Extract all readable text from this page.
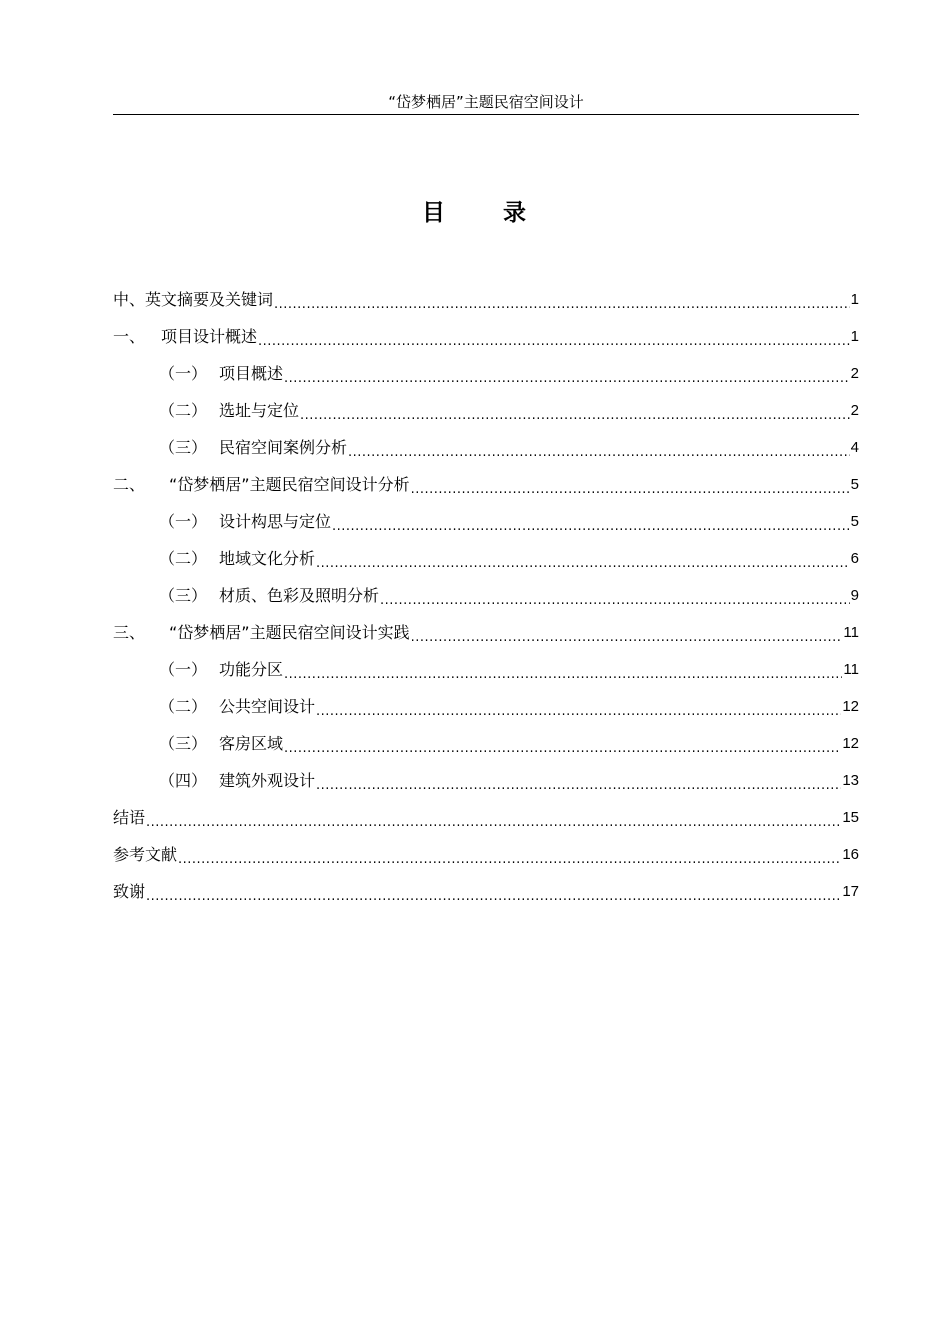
“岱梦栖居”主题民宿空间设计
目 录
中、英文摘要及关键词 .....	1
一、 项目设计概述 .....	1
（一） 项目概述 .....	2
（二） 选址与定位 .....	2
（三） 民宿空间案例分析 .....	4
二、	“岱梦栖居”主题民宿空间设计分析 .....	5
（一） 设计构思与定位 .....	5
（二） 地域文化分析 .....	6
（三） 材质、色彩及照明分析 .....	9
三、	“岱梦栖居”主题民宿空间设计实践 .....	11
（一） 功能分区 .....	11
（二） 公共空间设计 .....	12
（三） 客房区域 .....	12
（四） 建筑外观设计 .....	13
结语 .....	15
参考文献 .....	16
致谢 .....	17
